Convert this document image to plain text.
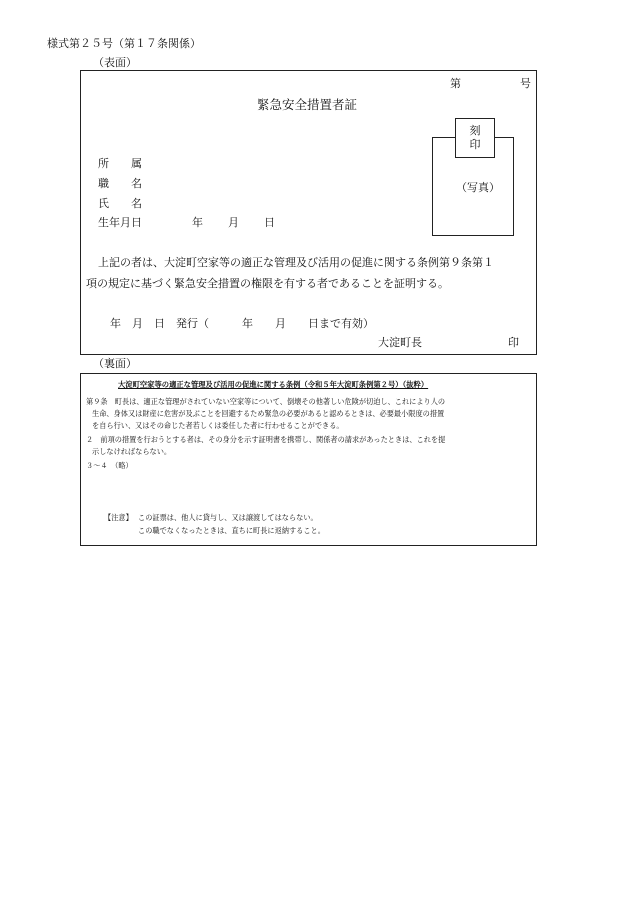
様式第２５号（第１７条関係）
（表面）
第	号
緊急安全措置者証
（写真）
刻
印
所　　属
職　　名
氏　　名
生年月日	年 月 日
上記の者は、大淀町空家等の適正な管理及び活用の促進に関する条例第９条第１
項の規定に基づく緊急安全措置の権限を有する者であることを証明する。
年　月　日　発行（　　　年　　月　　日まで有効）
大淀町長	印
（裏面）
大淀町空家等の適正な管理及び活用の促進に関する条例（令和５年大淀町条例第２号）（抜粋）
第９条　町長は、適正な管理がされていない空家等について、倒壊その他著しい危険が切迫し、これにより人の
生命、身体又は財産に危害が及ぶことを回避するため緊急の必要があると認めるときは、必要最小限度の措置
を自ら行い、又はその命じた者若しくは委任した者に行わせることができる。
２　前項の措置を行おうとする者は、その身分を示す証明書を携帯し、関係者の請求があったときは、これを提
示しなければならない。
３～４　（略）
【注意】 この証票は、他人に貸与し、又は譲渡してはならない。
この職でなくなったときは、直ちに町長に返納すること。
